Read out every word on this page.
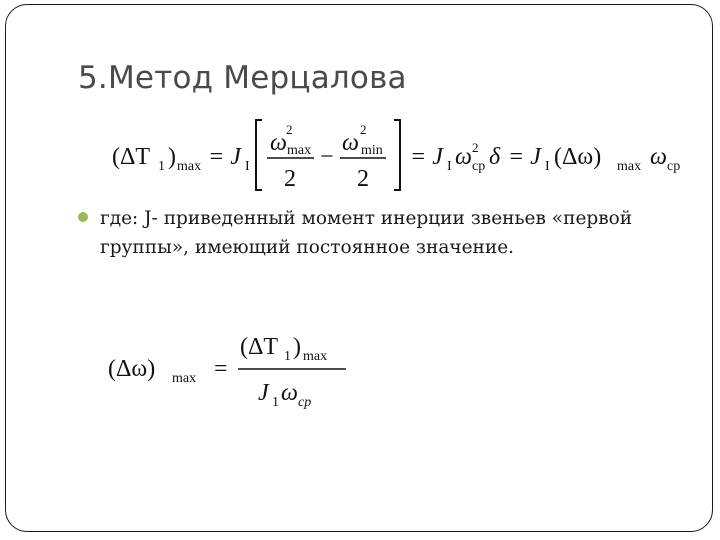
5.Метод Мерцалова
(ΔT 1 ) max = J I
ω
2
max
2
−
ω
2
min
2
= J I ω 2
cp δ = J I (Δω) max ω cp
где: J- приведенный момент инерции звеньев «первой группы», имеющий постоянное значение.
(Δω) max =
(ΔT 1 ) max
J 1 ω cp
